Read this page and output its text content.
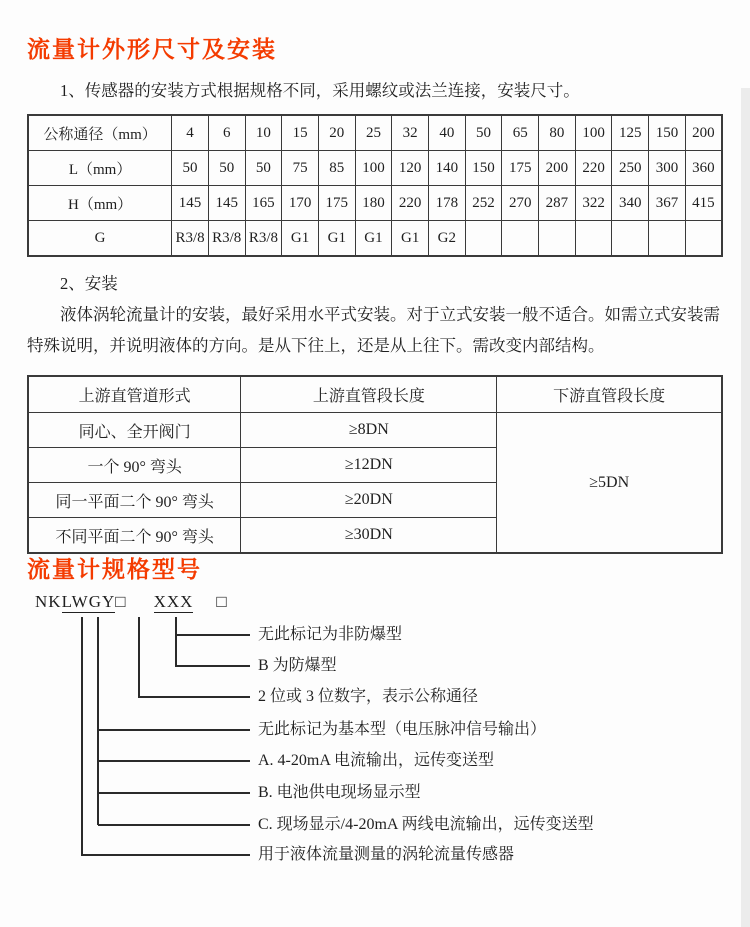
流量计外形尺寸及安装

1、传感器的安装方式根据规格不同，采用螺纹或法兰连接，安装尺寸。

公称通径（mm）	4	6	10	15	20	25	32	40	50	65	80	100	125	150	200
L（mm）	50	50	50	75	85	100	120	140	150	175	200	220	250	300	360
H（mm）	145	145	165	170	175	180	220	178	252	270	287	322	340	367	415
G	R3/8	R3/8	R3/8	G1	G1	G1	G1	G2							

2、安装

液体涡轮流量计的安装，最好采用水平式安装。对于立式安装一般不适合。如需立式安装需特殊说明，并说明液体的方向。是从下往上，还是从上往下。需改变内部结构。

上游直管道形式	上游直管段长度	下游直管段长度
同心、全开阀门	≥8DN	≥5DN
一个 90° 弯头	≥12DN	
同一平面二个 90° 弯头	≥20DN	
不同平面二个 90° 弯头	≥30DN	
流量计规格型号
NKLWGY□ XXX □
无此标记为非防爆型
B 为防爆型
2 位或 3 位数字，表示公称通径
无此标记为基本型（电压脉冲信号输出）
A. 4-20mA 电流输出，远传变送型
B. 电池供电现场显示型
C. 现场显示/4-20mA 两线电流输出，远传变送型
用于液体流量测量的涡轮流量传感器
